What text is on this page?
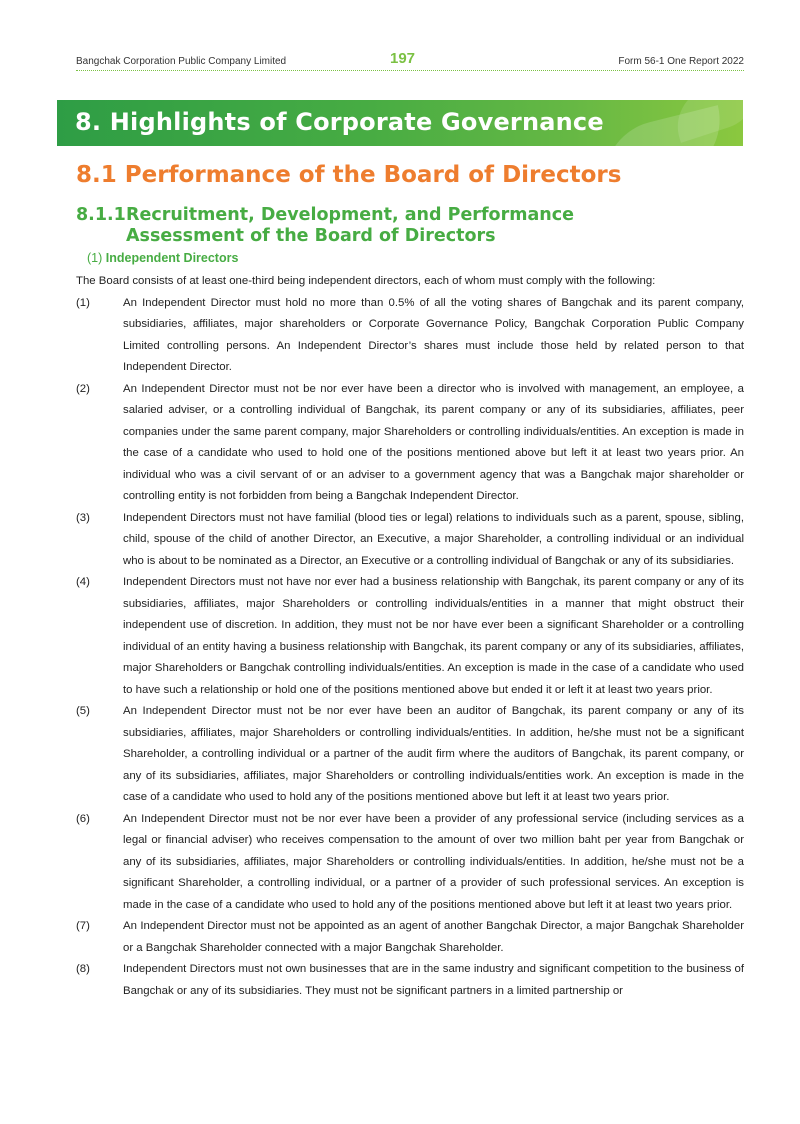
Bangchak Corporation Public Company Limited	197	Form 56-1 One Report 2022
8. Highlights of Corporate Governance
8.1 Performance of the Board of Directors
8.1.1 Recruitment, Development, and Performance Assessment of the Board of Directors
(1) Independent Directors

The Board consists of at least one-third being independent directors, each of whom must comply with the following:

(1)	An Independent Director must hold no more than 0.5% of all the voting shares of Bangchak and its parent company, subsidiaries, affiliates, major shareholders or Corporate Governance Policy, Bangchak Corporation Public Company Limited controlling persons. An Independent Director’s shares must include those held by related person to that Independent Director.
(2)	An Independent Director must not be nor ever have been a director who is involved with management, an employee, a salaried adviser, or a controlling individual of Bangchak, its parent company or any of its subsidiaries, affiliates, peer companies under the same parent company, major Shareholders or controlling individuals/entities. An exception is made in the case of a candidate who used to hold one of the positions mentioned above but left it at least two years prior. An individual who was a civil servant of or an adviser to a government agency that was a Bangchak major shareholder or controlling entity is not forbidden from being a Bangchak Independent Director.
(3)	Independent Directors must not have familial (blood ties or legal) relations to individuals such as a parent, spouse, sibling, child, spouse of the child of another Director, an Executive, a major Shareholder, a controlling individual or an individual who is about to be nominated as a Director, an Executive or a controlling individual of Bangchak or any of its subsidiaries.
(4)	Independent Directors must not have nor ever had a business relationship with Bangchak, its parent company or any of its subsidiaries, affiliates, major Shareholders or controlling individuals/entities in a manner that might obstruct their independent use of discretion. In addition, they must not be nor have ever been a significant Shareholder or a controlling individual of an entity having a business relationship with Bangchak, its parent company or any of its subsidiaries, affiliates, major Shareholders or Bangchak controlling individuals/entities. An exception is made in the case of a candidate who used to have such a relationship or hold one of the positions mentioned above but ended it or left it at least two years prior.
(5)	An Independent Director must not be nor ever have been an auditor of Bangchak, its parent company or any of its subsidiaries, affiliates, major Shareholders or controlling individuals/entities. In addition, he/she must not be a significant Shareholder, a controlling individual or a partner of the audit firm where the auditors of Bangchak, its parent company, or any of its subsidiaries, affiliates, major Shareholders or controlling individuals/entities work. An exception is made in the case of a candidate who used to hold any of the positions mentioned above but left it at least two years prior.
(6)	An Independent Director must not be nor ever have been a provider of any professional service (including services as a legal or financial adviser) who receives compensation to the amount of over two million baht per year from Bangchak or any of its subsidiaries, affiliates, major Shareholders or controlling individuals/entities. In addition, he/she must not be a significant Shareholder, a controlling individual, or a partner of a provider of such professional services. An exception is made in the case of a candidate who used to hold any of the positions mentioned above but left it at least two years prior.
(7)	An Independent Director must not be appointed as an agent of another Bangchak Director, a major Bangchak Shareholder or a Bangchak Shareholder connected with a major Bangchak Shareholder.
(8)	Independent Directors must not own businesses that are in the same industry and significant competition to the business of Bangchak or any of its subsidiaries. They must not be significant partners in a limited partnership or
